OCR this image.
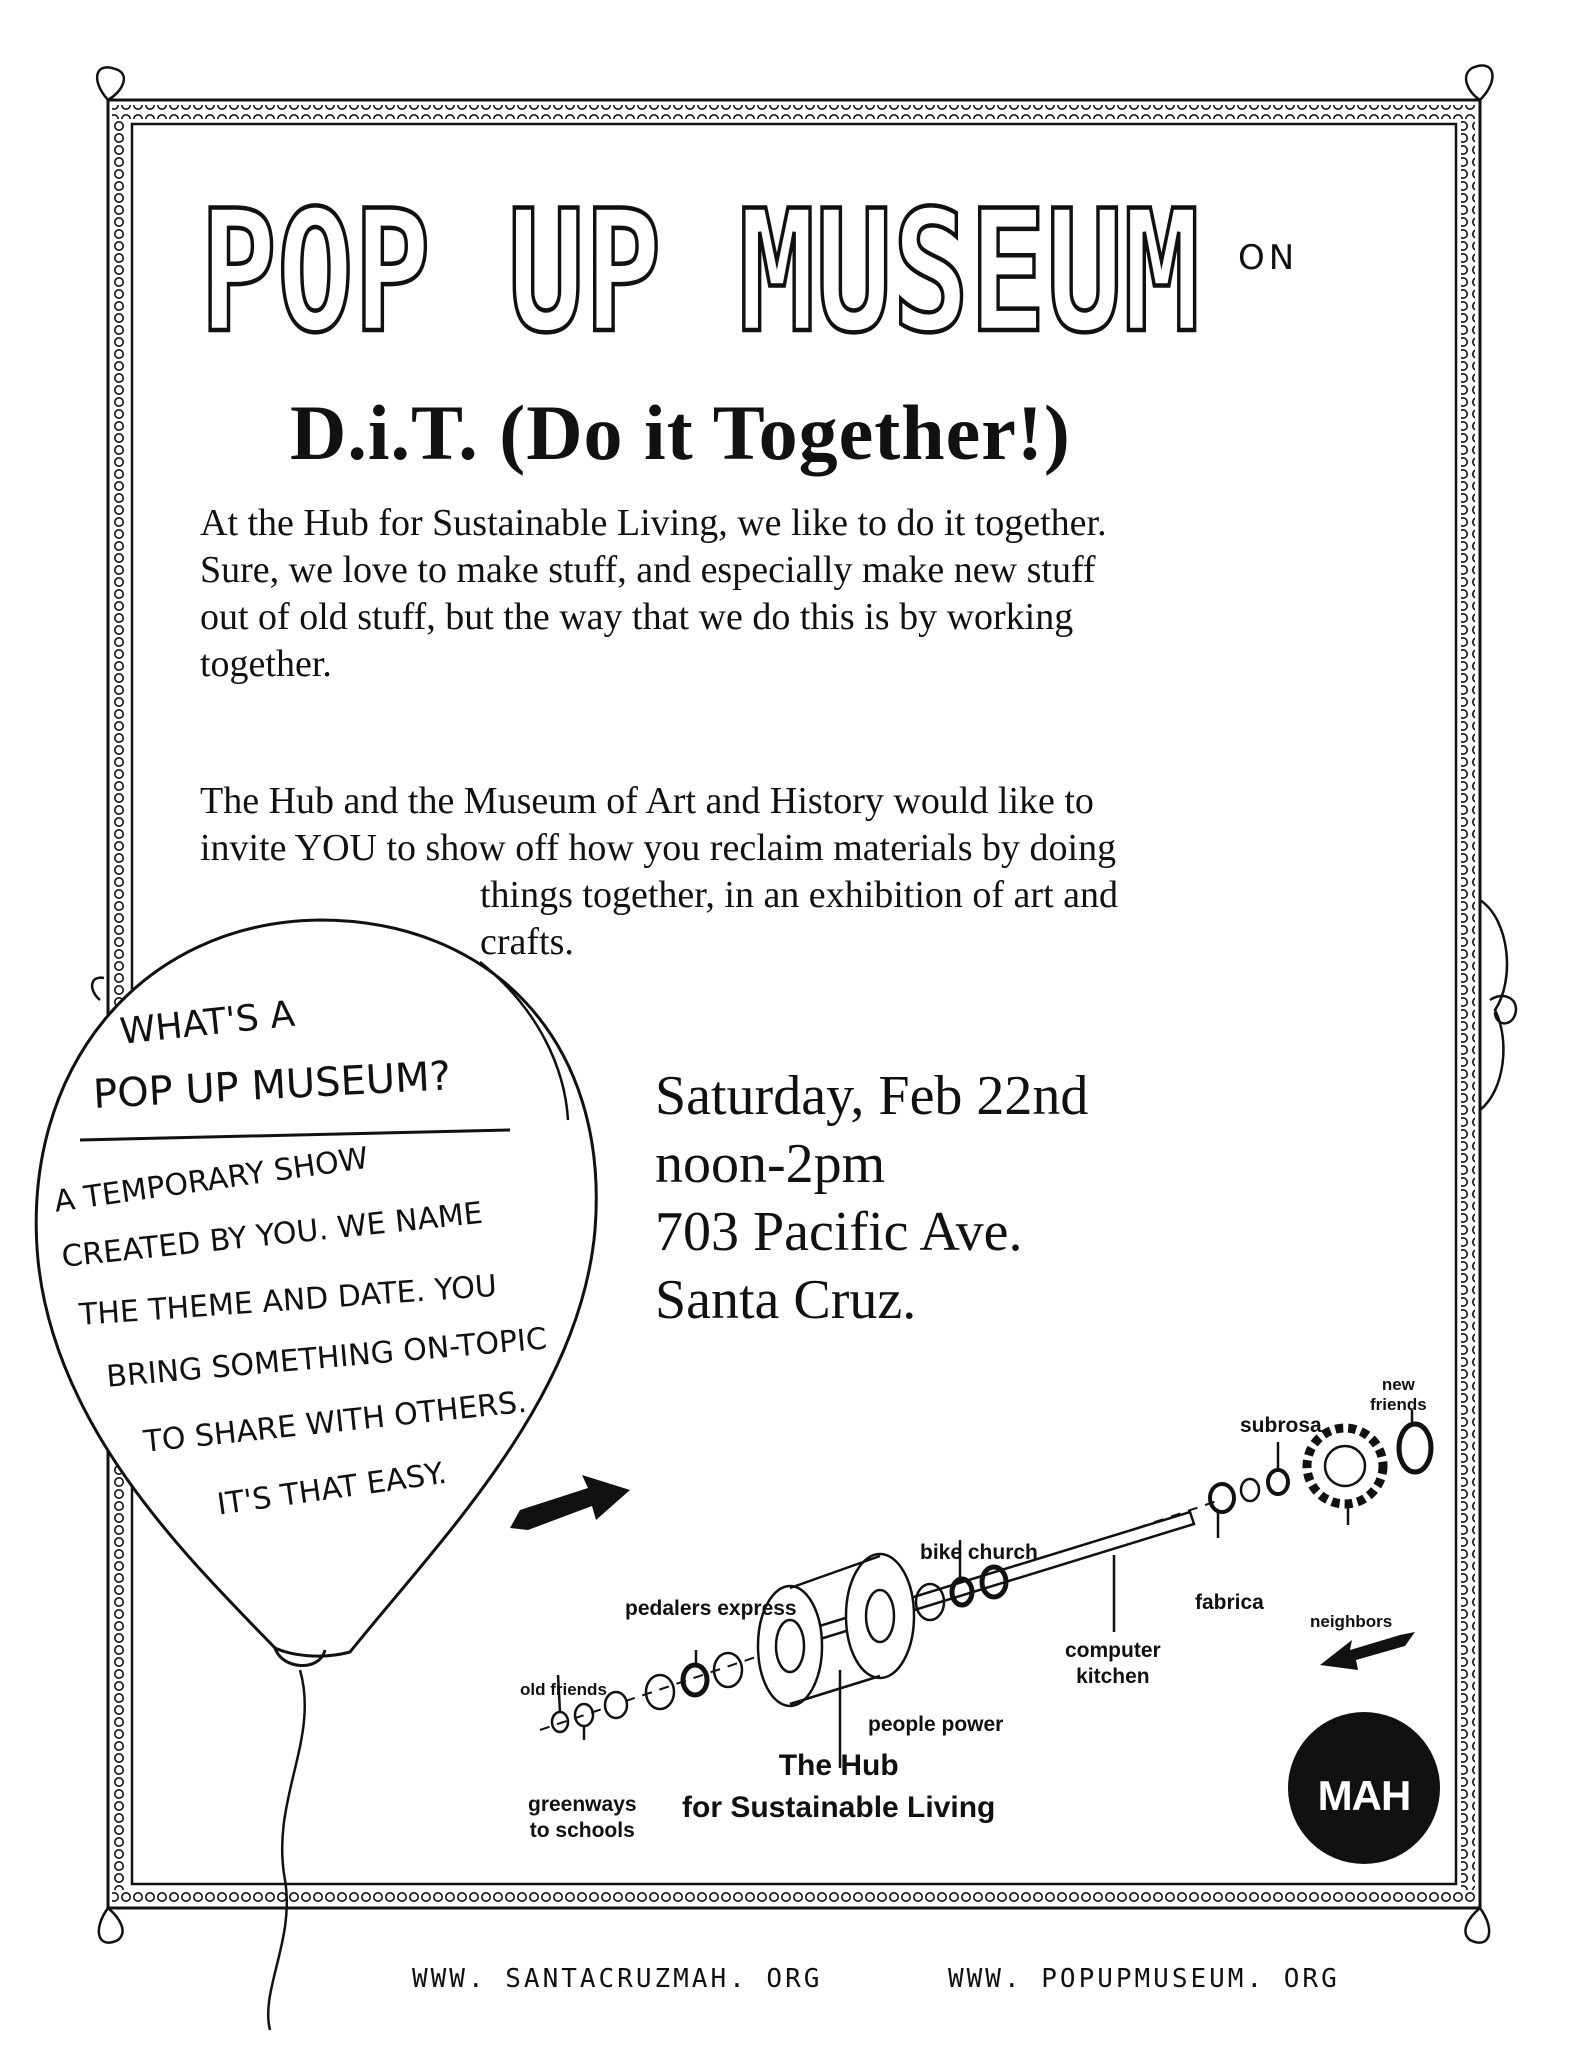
POP UP MUSEUM ON
D.i.T. (Do it Together!)

At the Hub for Sustainable Living, we like to do it together.
Sure, we love to make stuff, and especially make new stuff
out of old stuff, but the way that we do this is by working
together.

The Hub and the Museum of Art and History would like to
invite YOU to show off how you reclaim materials by doing

things together, in an exhibition of art and
crafts.

Saturday, Feb 22nd
noon-2pm
703 Pacific Ave.
Santa Cruz.
WHAT'S A
POP UP MUSEUM?
A TEMPORARY SHOW
CREATED BY YOU. WE NAME
THE THEME AND DATE. YOU
BRING SOMETHING ON-TOPIC
TO SHARE WITH OTHERS.
IT'S THAT EASY.
new
friends
subrosa
bike church
fabrica
neighbors
pedalers express
computer
kitchen
old friends
people power
greenways
to schools
The Hub
for Sustainable Living	MAH
WWW. SANTACRUZMAH. ORG	WWW. POPUPMUSEUM. ORG
